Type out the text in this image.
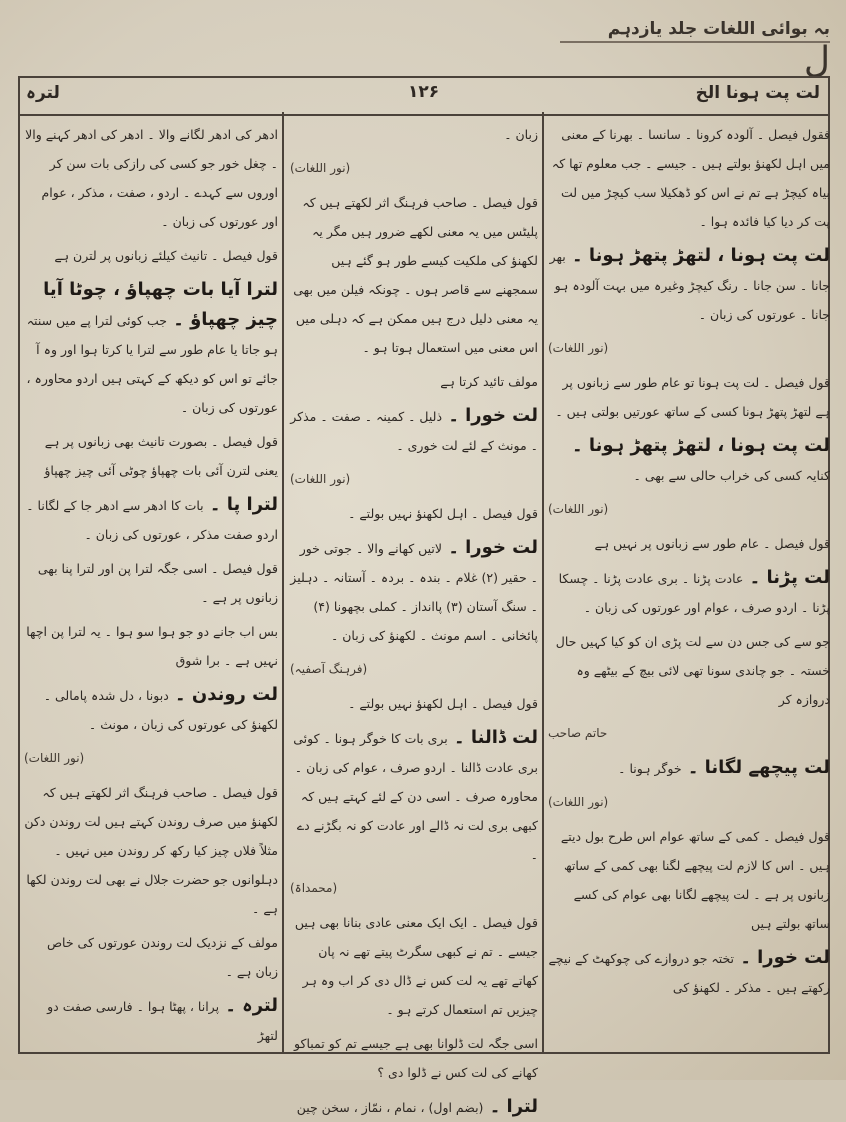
بہ بوائی اللغات جلد یازدہم
ل
لترہ	۱۲۶	لت پت ہونا الخ
فقول فیصل ۔ آلودہ کرونا ۔ سانسا ۔ بھرنا کے معنی میں اہل لکھنؤ بولتے ہیں ۔ جیسے ۔ جب معلوم تھا کہ بیاہ کیچڑ ہے تم نے اس کو ڈھکیلا سب کیچڑ میں لت پت کر دیا کیا فائدہ ہوا ۔
لت پت ہونا ، لتھڑ پتھڑ ہونا ۔ بھر جانا ۔ سن جانا ۔ رنگ کیچڑ وغیرہ میں بہت آلودہ ہو جانا ۔ عورتوں کی زبان ۔
(نور اللغات)
قول فیصل ۔ لت پت ہونا تو عام طور سے زبانوں پر ہے لتھڑ پتھڑ ہونا کسی کے ساتھ عورتیں بولتی ہیں ۔
لت پت ہونا ، لتھڑ پتھڑ ہونا ۔ کنایہ کسی کی خراب حالی سے بھی ۔
(نور اللغات)
قول فیصل ۔ عام طور سے زبانوں پر نہیں ہے
لت پڑنا ۔ عادت پڑنا ۔ بری عادت پڑنا ۔ چسکا پڑنا ۔ اردو صرف ، عوام اور عورتوں کی زبان ۔
جو سے کی جس دن سے لت پڑی ان کو کیا کہیں حال خستہ ۔ جو چاندی سونا تھی لائی بیچ کے بیٹھے وہ دروازہ کر
حاتم صاحب
لت پیچھے لگانا ۔ خوگر ہونا ۔
(نور اللغات)
قول فیصل ۔ کمی کے ساتھ عوام اس طرح بول دیتے ہیں ۔ اس کا لازم لت پیچھے لگنا بھی کمی کے ساتھ زبانوں پر ہے ۔ لت پیچھے لگانا بھی عوام کی کسے ساتھ بولتے ہیں
لت خورا ۔ تختہ جو دروازے کی چوکھٹ کے نیچے رکھتے ہیں ۔ مذکر ۔ لکھنؤ کی
زبان ۔
(نور اللغات)
قول فیصل ۔ صاحب فرہنگ اثر لکھتے ہیں کہ پلیٹس میں یہ معنی لکھے ضرور ہیں مگر یہ لکھنؤ کی ملکیت کیسے طور ہو گئے ہیں سمجھنے سے قاصر ہوں ۔ چونکہ فیلن میں بھی یہ معنی دلیل درج ہیں ممکن ہے کہ دہلی میں اس معنی میں استعمال ہوتا ہو ۔
مولف تائید کرتا ہے
لت خورا ۔ ذلیل ۔ کمینہ ۔ صفت ۔ مذکر ۔ مونث کے لئے لت خوری ۔
(نور اللغات)
قول فیصل ۔ اہل لکھنؤ نہیں بولتے ۔
لت خورا ۔ لاتیں کھانے والا ۔ جوتی خور ۔ حقیر (۲) غلام ۔ بندہ ۔ بردہ ۔ آستانہ ۔ دہلیز ۔ سنگ آستان (۳) پاانداز ۔ کملی بچھونا (۴) پائخانی ۔ اسم مونث ۔ لکھنؤ کی زبان ۔
(فرہنگ آصفیہ)
قول فیصل ۔ اہل لکھنؤ نہیں بولتے ۔
لت ڈالنا ۔ بری بات کا خوگر ہونا ۔ کوئی بری عادت ڈالنا ۔ اردو صرف ، عوام کی زبان ۔ محاورہ صرف ۔ اسی دن کے لئے کہتے ہیں کہ کبھی بری لت نہ ڈالے اور عادت کو نہ بگڑنے دے ۔
(محمداۃ)
قول فیصل ۔ ایک ایک معنی عادی بنانا بھی ہیں جیسے ۔ تم نے کبھی سگرٹ پیتے تھے نہ پان کھاتے تھے یہ لت کس نے ڈال دی کر اب وہ ہر چیزیں تم استعمال کرتے ہو ۔
اسی جگہ لت ڈلوانا بھی ہے جیسے تم کو تمباکو کھانے کی لت کس نے ڈلوا دی ؟
لترا ۔ (بضم اول) ، نمام ، نمّاز ، سخن چین
ادھر کی ادھر لگانے والا ۔ ادھر کی ادھر کہنے والا ۔ چغل خور جو کسی کی رازکی بات سن کر اوروں سے کہدے ۔ اردو ، صفت ، مذکر ، عوام اور عورتوں کی زبان ۔
قول فیصل ۔ تانیث کیلئے زبانوں پر لترن ہے
لترا آیا بات چھپاؤ ، چوٹا آیا چیز چھپاؤ ۔ جب کوئی لترا پے میں سنتہ ہو جاتا یا عام طور سے لترا یا کرتا ہوا اور وہ آ جائے تو اس کو دیکھ کے کہتی ہیں اردو محاورہ ، عورتوں کی زبان ۔
قول فیصل ۔ بصورت تانیث بھی زبانوں پر ہے یعنی لترن آئی بات چھپاؤ چوٹی آئی چیز چھپاؤ
لترا پا ۔ بات کا ادھر سے ادھر جا کے لگانا ۔ اردو صفت مذکر ، عورتوں کی زبان ۔
قول فیصل ۔ اسی جگہ لترا پن اور لترا پنا بھی زبانوں پر ہے ۔
بس اب جانے دو جو ہوا سو ہوا ۔ یہ لترا پن اچھا نہیں ہے ۔ برا شوق
لت روندن ۔ دبونا ، دل شدہ پامالی ۔ لکھنؤ کی عورتوں کی زبان ، مونث ۔
(نور اللغات)
قول فیصل ۔ صاحب فرہنگ اثر لکھتے ہیں کہ لکھنؤ میں صرف روندن کہتے ہیں لت روندن دکن مثلاً فلاں چیز کیا رکھ کر روندن میں نہیں ۔ دہلوانوں جو حضرت جلال نے بھی لت روندن لکھا ہے ۔
مولف کے نزدیک لت روندن عورتوں کی خاص زبان ہے ۔
لترہ ۔ پرانا ، پھٹا ہوا ۔ فارسی صفت دو لتھڑ
